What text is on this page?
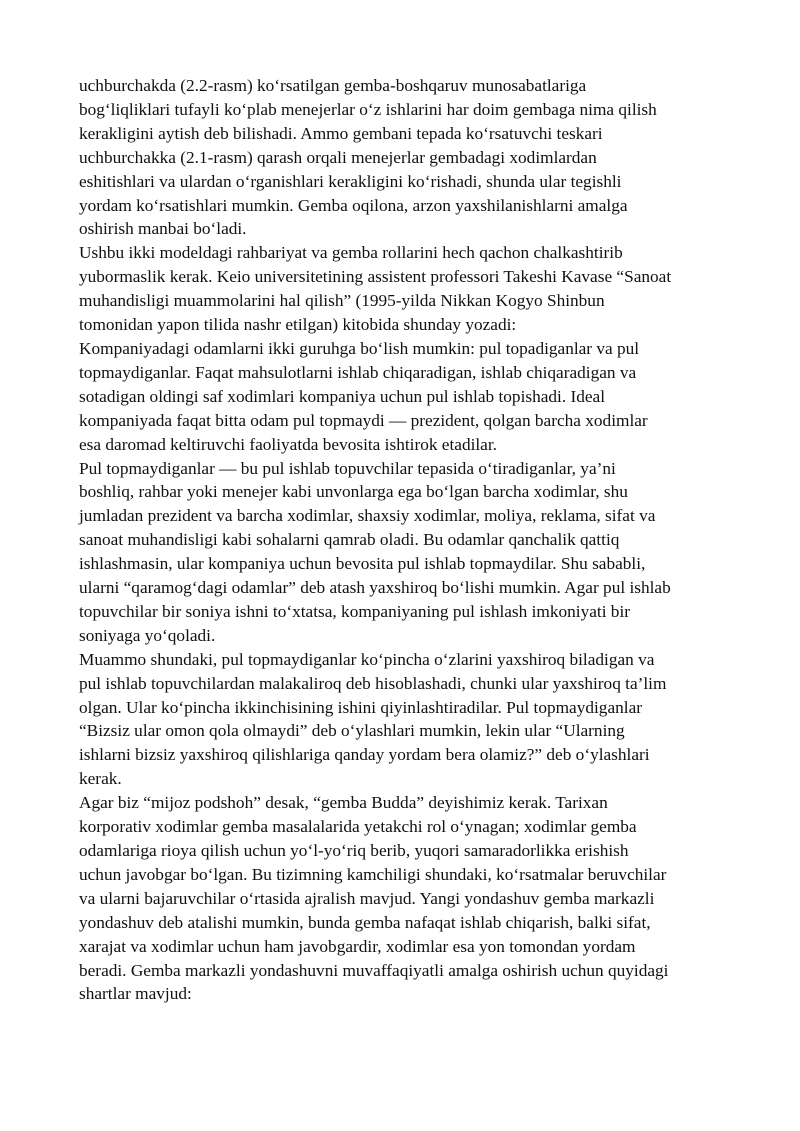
uchburchakda (2.2-rasm) ko‘rsatilgan gemba-boshqaruv munosabatlariga
bog‘liqliklari tufayli ko‘plab menejerlar o‘z ishlarini har doim gembaga nima qilish
kerakligini aytish deb bilishadi. Ammo gembani tepada ko‘rsatuvchi teskari
uchburchakka (2.1-rasm) qarash orqali menejerlar gembadagi xodimlardan
eshitishlari va ulardan o‘rganishlari kerakligini ko‘rishadi, shunda ular tegishli
yordam ko‘rsatishlari mumkin. Gemba oqilona, arzon yaxshilanishlarni amalga
oshirish manbai bo‘ladi.
Ushbu ikki modeldagi rahbariyat va gemba rollarini hech qachon chalkashtirib
yubormaslik kerak. Keio universitetining assistent professori Takeshi Kavase “Sanoat
muhandisligi muammolarini hal qilish” (1995-yilda Nikkan Kogyo Shinbun
tomonidan yapon tilida nashr etilgan) kitobida shunday yozadi:
Kompaniyadagi odamlarni ikki guruhga bo‘lish mumkin: pul topadiganlar va pul
topmaydiganlar. Faqat mahsulotlarni ishlab chiqaradigan, ishlab chiqaradigan va
sotadigan oldingi saf xodimlari kompaniya uchun pul ishlab topishadi. Ideal
kompaniyada faqat bitta odam pul topmaydi — prezident, qolgan barcha xodimlar
esa daromad keltiruvchi faoliyatda bevosita ishtirok etadilar.
Pul topmaydiganlar — bu pul ishlab topuvchilar tepasida o‘tiradiganlar, ya’ni
boshliq, rahbar yoki menejer kabi unvonlarga ega bo‘lgan barcha xodimlar, shu
jumladan prezident va barcha xodimlar, shaxsiy xodimlar, moliya, reklama, sifat va
sanoat muhandisligi kabi sohalarni qamrab oladi. Bu odamlar qanchalik qattiq
ishlashmasin, ular kompaniya uchun bevosita pul ishlab topmaydilar. Shu sababli,
ularni “qaramog‘dagi odamlar” deb atash yaxshiroq bo‘lishi mumkin. Agar pul ishlab
topuvchilar bir soniya ishni to‘xtatsa, kompaniyaning pul ishlash imkoniyati bir
soniyaga yo‘qoladi.
Muammo shundaki, pul topmaydiganlar ko‘pincha o‘zlarini yaxshiroq biladigan va
pul ishlab topuvchilardan malakaliroq deb hisoblashadi, chunki ular yaxshiroq ta’lim
olgan. Ular ko‘pincha ikkinchisining ishini qiyinlashtiradilar. Pul topmaydiganlar
“Bizsiz ular omon qola olmaydi” deb o‘ylashlari mumkin, lekin ular “Ularning
ishlarni bizsiz yaxshiroq qilishlariga qanday yordam bera olamiz?” deb o‘ylashlari
kerak.
Agar biz “mijoz podshoh” desak, “gemba Budda” deyishimiz kerak. Tarixan
korporativ xodimlar gemba masalalarida yetakchi rol o‘ynagan; xodimlar gemba
odamlariga rioya qilish uchun yo‘l-yo‘riq berib, yuqori samaradorlikka erishish
uchun javobgar bo‘lgan. Bu tizimning kamchiligi shundaki, ko‘rsatmalar beruvchilar
va ularni bajaruvchilar o‘rtasida ajralish mavjud. Yangi yondashuv gemba markazli
yondashuv deb atalishi mumkin, bunda gemba nafaqat ishlab chiqarish, balki sifat,
xarajat va xodimlar uchun ham javobgardir, xodimlar esa yon tomondan yordam
beradi. Gemba markazli yondashuvni muvaffaqiyatli amalga oshirish uchun quyidagi
shartlar mavjud:
